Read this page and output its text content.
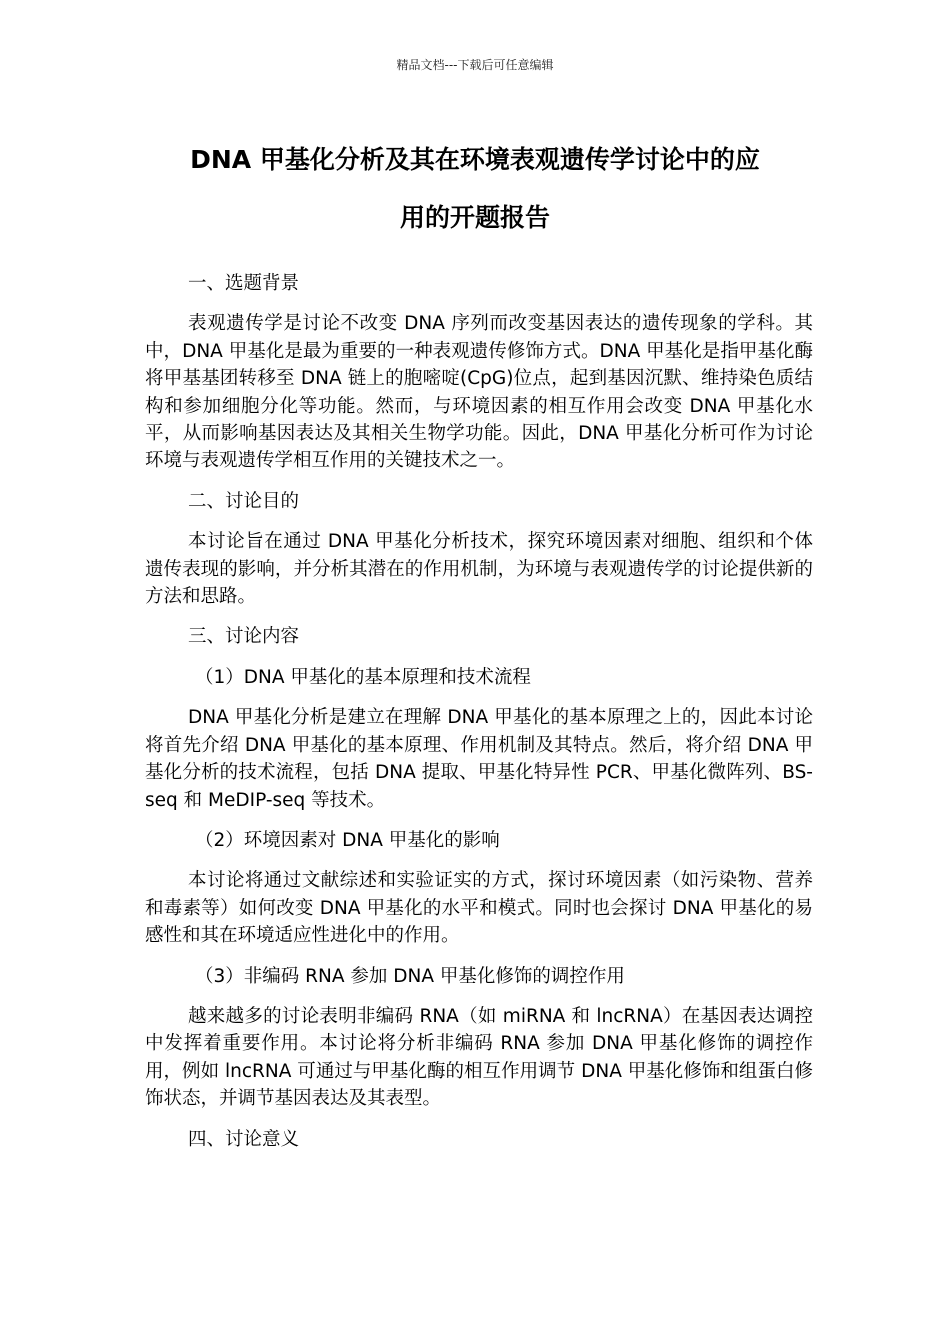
精品文档---下载后可任意编辑
DNA 甲基化分析及其在环境表观遗传学讨论中的应
用的开题报告

一、选题背景

表观遗传学是讨论不改变 DNA 序列而改变基因表达的遗传现象的学科。其中，DNA 甲基化是最为重要的一种表观遗传修饰方式。DNA 甲基化是指甲基化酶将甲基基团转移至 DNA 链上的胞嘧啶(CpG)位点，起到基因沉默、维持染色质结构和参加细胞分化等功能。然而，与环境因素的相互作用会改变 DNA 甲基化水平，从而影响基因表达及其相关生物学功能。因此，DNA 甲基化分析可作为讨论环境与表观遗传学相互作用的关键技术之一。

二、讨论目的

本讨论旨在通过 DNA 甲基化分析技术，探究环境因素对细胞、组织和个体遗传表现的影响，并分析其潜在的作用机制，为环境与表观遗传学的讨论提供新的方法和思路。

三、讨论内容

（1）DNA 甲基化的基本原理和技术流程

DNA 甲基化分析是建立在理解 DNA 甲基化的基本原理之上的，因此本讨论将首先介绍 DNA 甲基化的基本原理、作用机制及其特点。然后，将介绍 DNA 甲基化分析的技术流程，包括 DNA 提取、甲基化特异性 PCR、甲基化微阵列、BS-seq 和 MeDIP-seq 等技术。

（2）环境因素对 DNA 甲基化的影响

本讨论将通过文献综述和实验证实的方式，探讨环境因素（如污染物、营养和毒素等）如何改变 DNA 甲基化的水平和模式。同时也会探讨 DNA 甲基化的易感性和其在环境适应性进化中的作用。

（3）非编码 RNA 参加 DNA 甲基化修饰的调控作用

越来越多的讨论表明非编码 RNA（如 miRNA 和 lncRNA）在基因表达调控中发挥着重要作用。本讨论将分析非编码 RNA 参加 DNA 甲基化修饰的调控作用，例如 lncRNA 可通过与甲基化酶的相互作用调节 DNA 甲基化修饰和组蛋白修饰状态，并调节基因表达及其表型。

四、讨论意义
